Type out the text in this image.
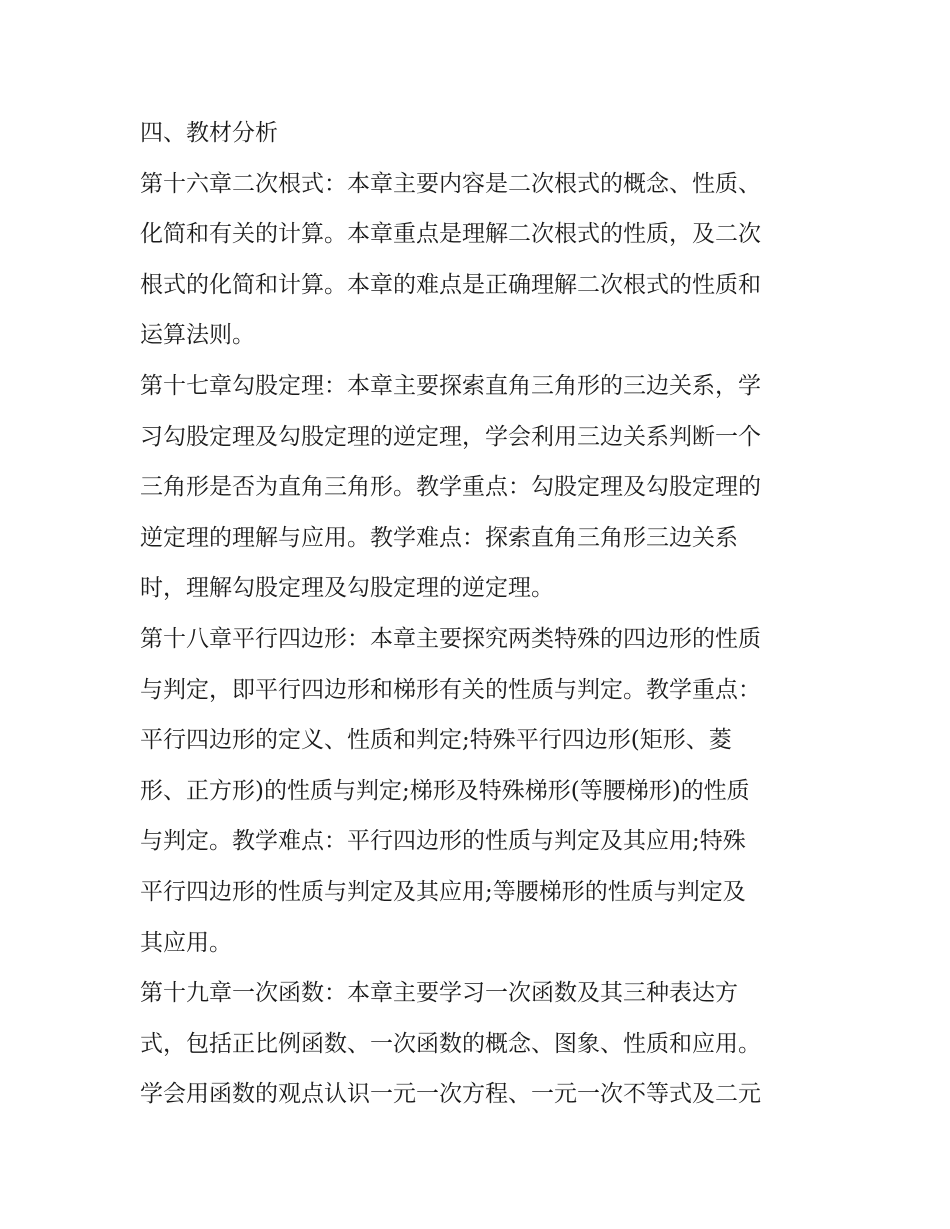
四、教材分析
第十六章二次根式：本章主要内容是二次根式的概念、性质、
化简和有关的计算。本章重点是理解二次根式的性质，及二次
根式的化简和计算。本章的难点是正确理解二次根式的性质和
运算法则。
第十七章勾股定理：本章主要探索直角三角形的三边关系，学
习勾股定理及勾股定理的逆定理，学会利用三边关系判断一个
三角形是否为直角三角形。教学重点：勾股定理及勾股定理的
逆定理的理解与应用。教学难点：探索直角三角形三边关系
时，理解勾股定理及勾股定理的逆定理。
第十八章平行四边形：本章主要探究两类特殊的四边形的性质
与判定，即平行四边形和梯形有关的性质与判定。教学重点：
平行四边形的定义、性质和判定;特殊平行四边形(矩形、菱
形、正方形)的性质与判定;梯形及特殊梯形(等腰梯形)的性质
与判定。教学难点：平行四边形的性质与判定及其应用;特殊
平行四边形的性质与判定及其应用;等腰梯形的性质与判定及
其应用。
第十九章一次函数：本章主要学习一次函数及其三种表达方
式，包括正比例函数、一次函数的概念、图象、性质和应用。
学会用函数的观点认识一元一次方程、一元一次不等式及二元
